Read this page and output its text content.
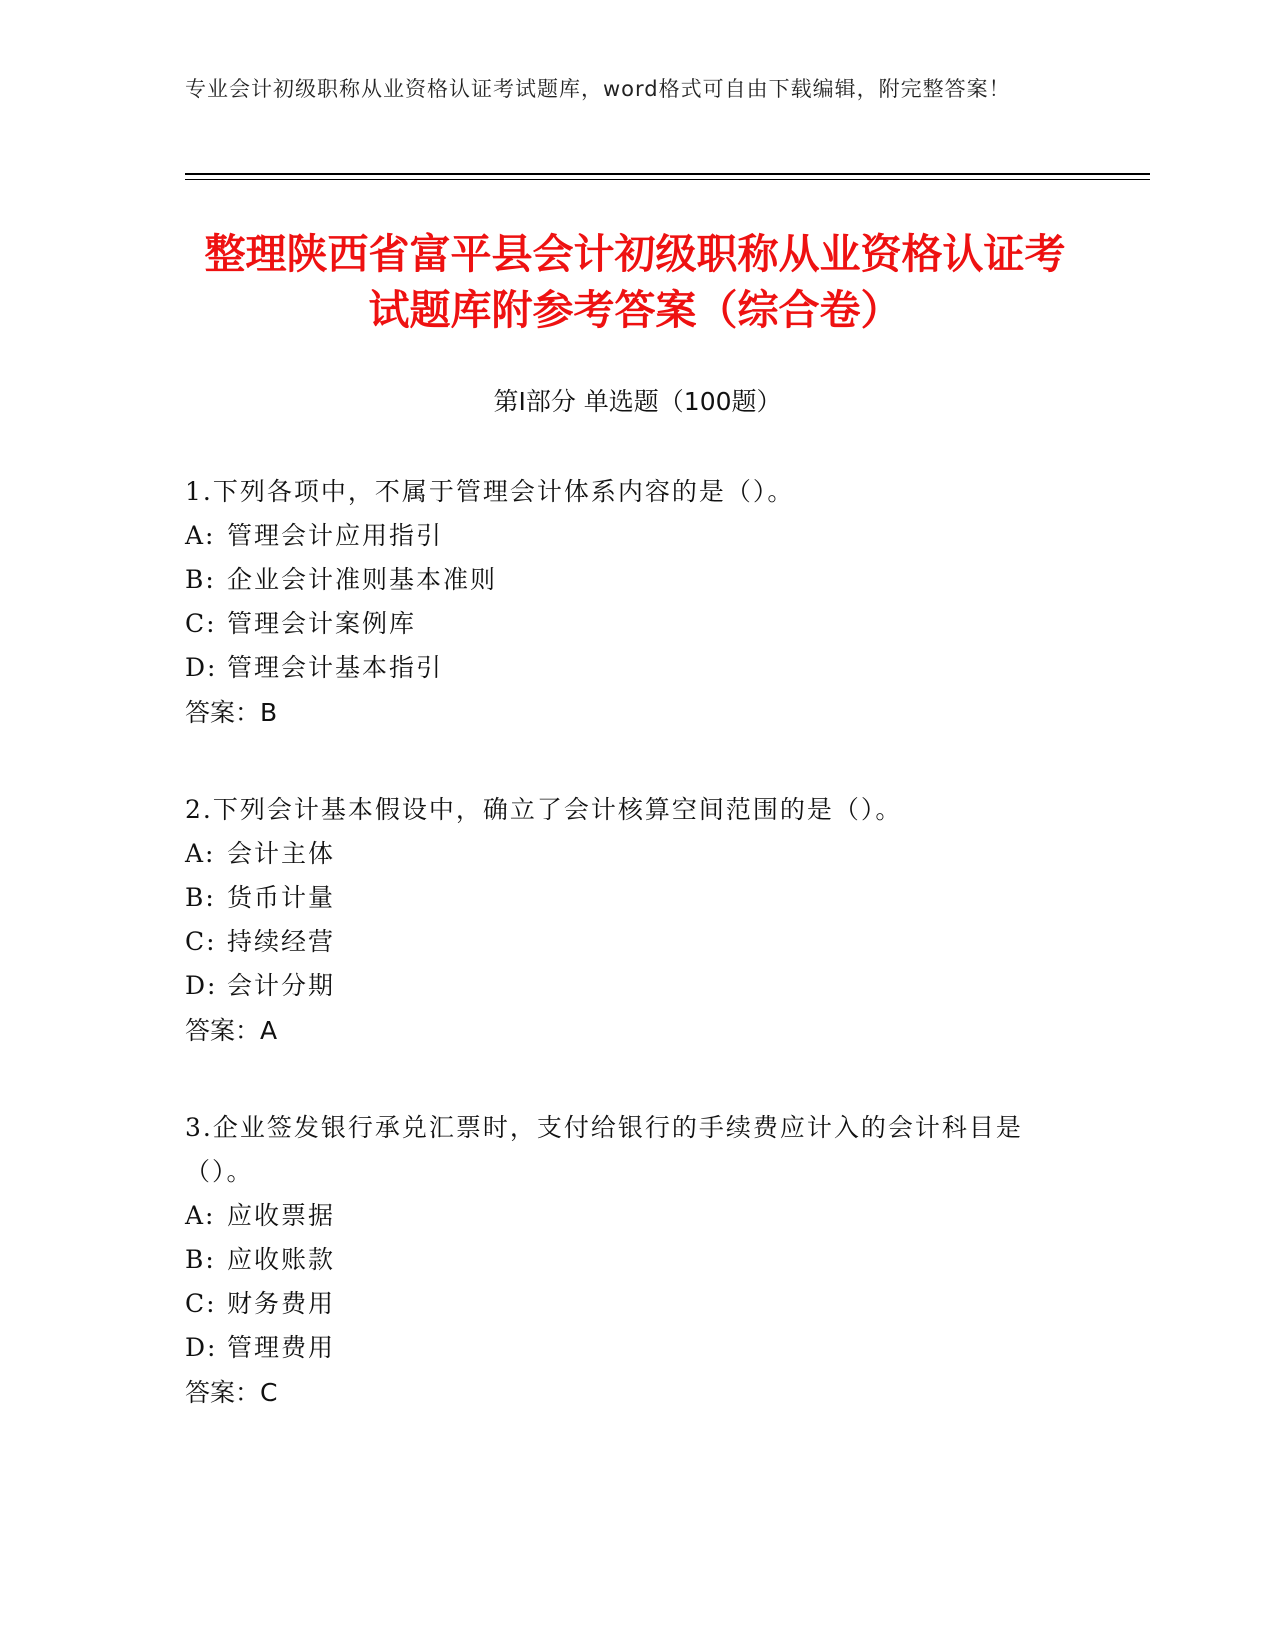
专业会计初级职称从业资格认证考试题库，word格式可自由下载编辑，附完整答案！
整理陕西省富平县会计初级职称从业资格认证考试题库附参考答案（综合卷）
第Ⅰ部分 单选题（100题）
1.下列各项中，不属于管理会计体系内容的是（）。
A: 管理会计应用指引
B: 企业会计准则基本准则
C: 管理会计案例库
D: 管理会计基本指引
答案：B
2.下列会计基本假设中，确立了会计核算空间范围的是（）。
A: 会计主体
B: 货币计量
C: 持续经营
D: 会计分期
答案：A
3.企业签发银行承兑汇票时，支付给银行的手续费应计入的会计科目是（）。
A: 应收票据
B: 应收账款
C: 财务费用
D: 管理费用
答案：C
